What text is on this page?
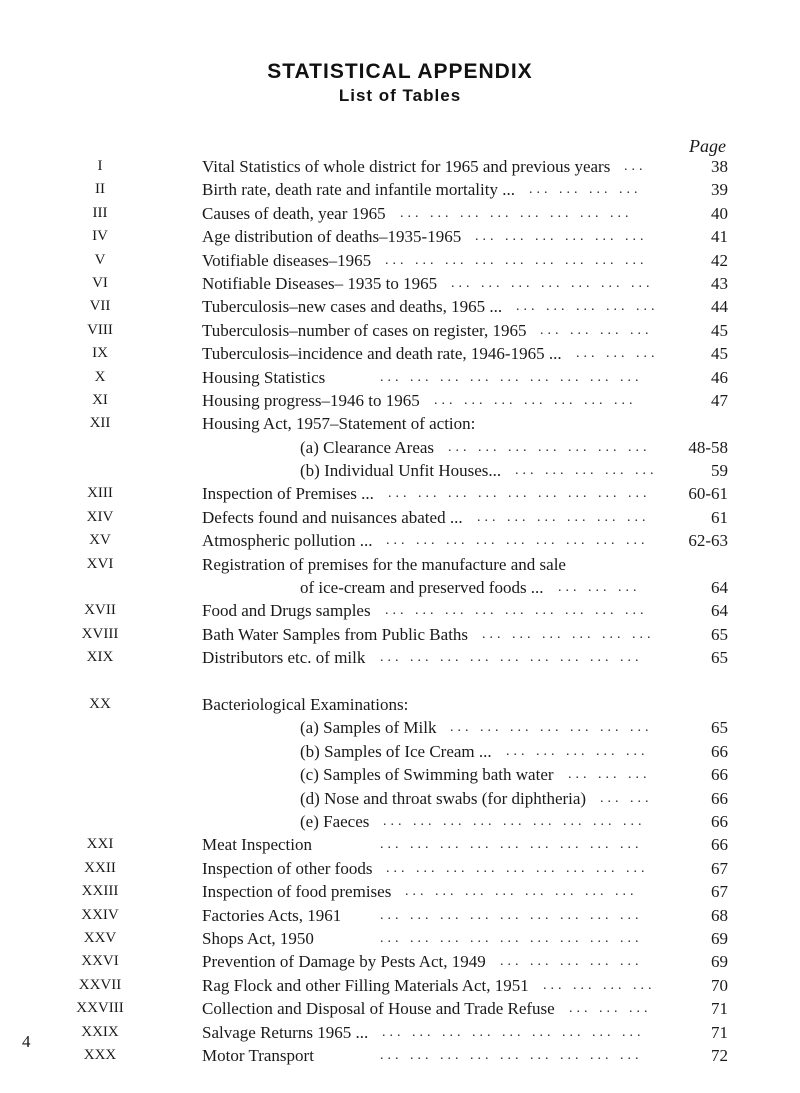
STATISTICAL APPENDIX
List of Tables
Page
I	Vital Statistics of whole district for 1965 and previous years	38
...
II	Birth rate, death rate and infantile mortality ...	39
... ... ... ...
III	Causes of death, year 1965	40
... ... ... ... ... ... ... ...
IV	Age distribution of deaths–1935-1965	41
... ... ... ... ... ...
V	Votifiable diseases–1965	42
... ... ... ... ... ... ... ... ...
VI	Notifiable Diseases– 1935 to 1965	43
... ... ... ... ... ... ...
VII	Tuberculosis–new cases and deaths, 1965 ...	44
... ... ... ... ...
VIII	Tuberculosis–number of cases on register, 1965	45
... ... ... ...
IX	Tuberculosis–incidence and death rate, 1946-1965 ...	45
... ... ...
X	Housing Statistics	46
... ... ... ... ... ... ... ... ...
XI	Housing progress–1946 to 1965	47
... ... ... ... ... ... ...
XII	Housing Act, 1957–Statement of action:
(a) Clearance Areas	48-58
... ... ... ... ... ... ...
(b) Individual Unfit Houses...	59
... ... ... ... ...
XIII	Inspection of Premises ...	60-61
... ... ... ... ... ... ... ... ...
XIV	Defects found and nuisances abated ...	61
... ... ... ... ... ...
XV	Atmospheric pollution ...	62-63
... ... ... ... ... ... ... ... ...
XVI	Registration of premises for the manufacture and sale
of ice-cream and preserved foods ...	64
... ... ...
XVII	Food and Drugs samples	64
... ... ... ... ... ... ... ... ...
XVIII	Bath Water Samples from Public Baths	65
... ... ... ... ... ...
XIX	Distributors etc. of milk	65
... ... ... ... ... ... ... ... ...
XX	Bacteriological Examinations:
(a) Samples of Milk	65
... ... ... ... ... ... ...
(b) Samples of Ice Cream ...	66
... ... ... ... ...
(c) Samples of Swimming bath water	66
... ... ...
(d) Nose and throat swabs (for diphtheria)	66
... ...
(e) Faeces	66
... ... ... ... ... ... ... ... ...
XXI	Meat Inspection	66
... ... ... ... ... ... ... ... ...
XXII	Inspection of other foods	67
... ... ... ... ... ... ... ... ...
XXIII	Inspection of food premises	67
... ... ... ... ... ... ... ...
XXIV	Factories Acts, 1961	68
... ... ... ... ... ... ... ... ...
XXV	Shops Act, 1950	69
... ... ... ... ... ... ... ... ...
XXVI	Prevention of Damage by Pests Act, 1949	69
... ... ... ... ...
XXVII	Rag Flock and other Filling Materials Act, 1951	70
... ... ... ...
XXVIII	Collection and Disposal of House and Trade Refuse	71
... ... ...
XXIX	Salvage Returns 1965 ...	71
... ... ... ... ... ... ... ... ...
XXX	Motor Transport	72
... ... ... ... ... ... ... ... ...
4
